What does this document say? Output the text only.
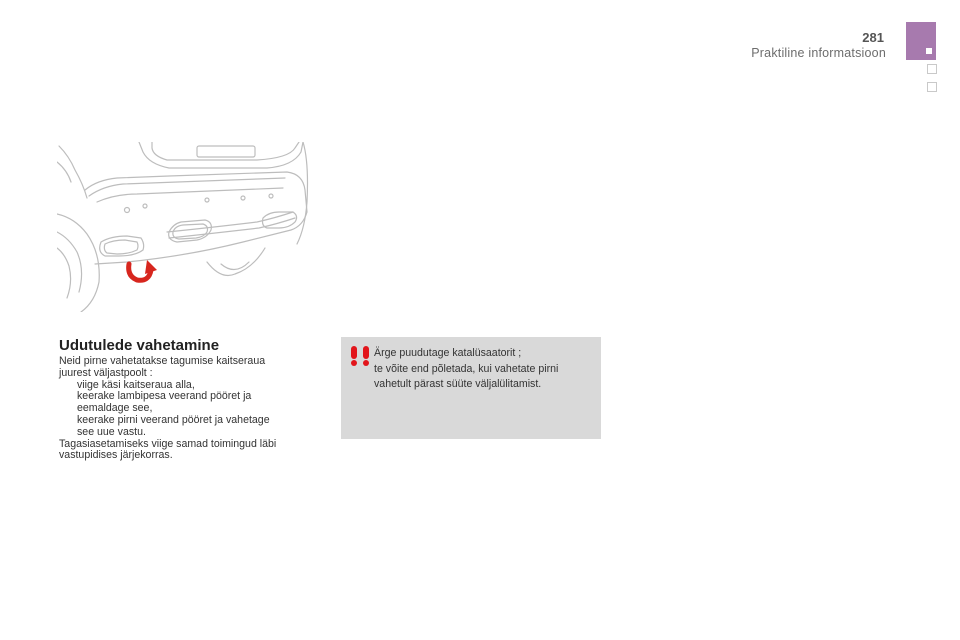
281
Praktiline informatsioon
Udutulede vahetamine
Neid pirne vahetatakse tagumise kaitseraua
juurest väljastpoolt :
viige käsi kaitseraua alla,
keerake lambipesa veerand pööret ja
eemaldage see,
keerake pirni veerand pööret ja vahetage
see uue vastu.
Tagasiasetamiseks viige samad toimingud läbi
vastupidises järjekorras.
Ärge puudutage katalüsaatorit ;
te võite end põletada, kui vahetate pirni
vahetult pärast süüte väljalülitamist.
